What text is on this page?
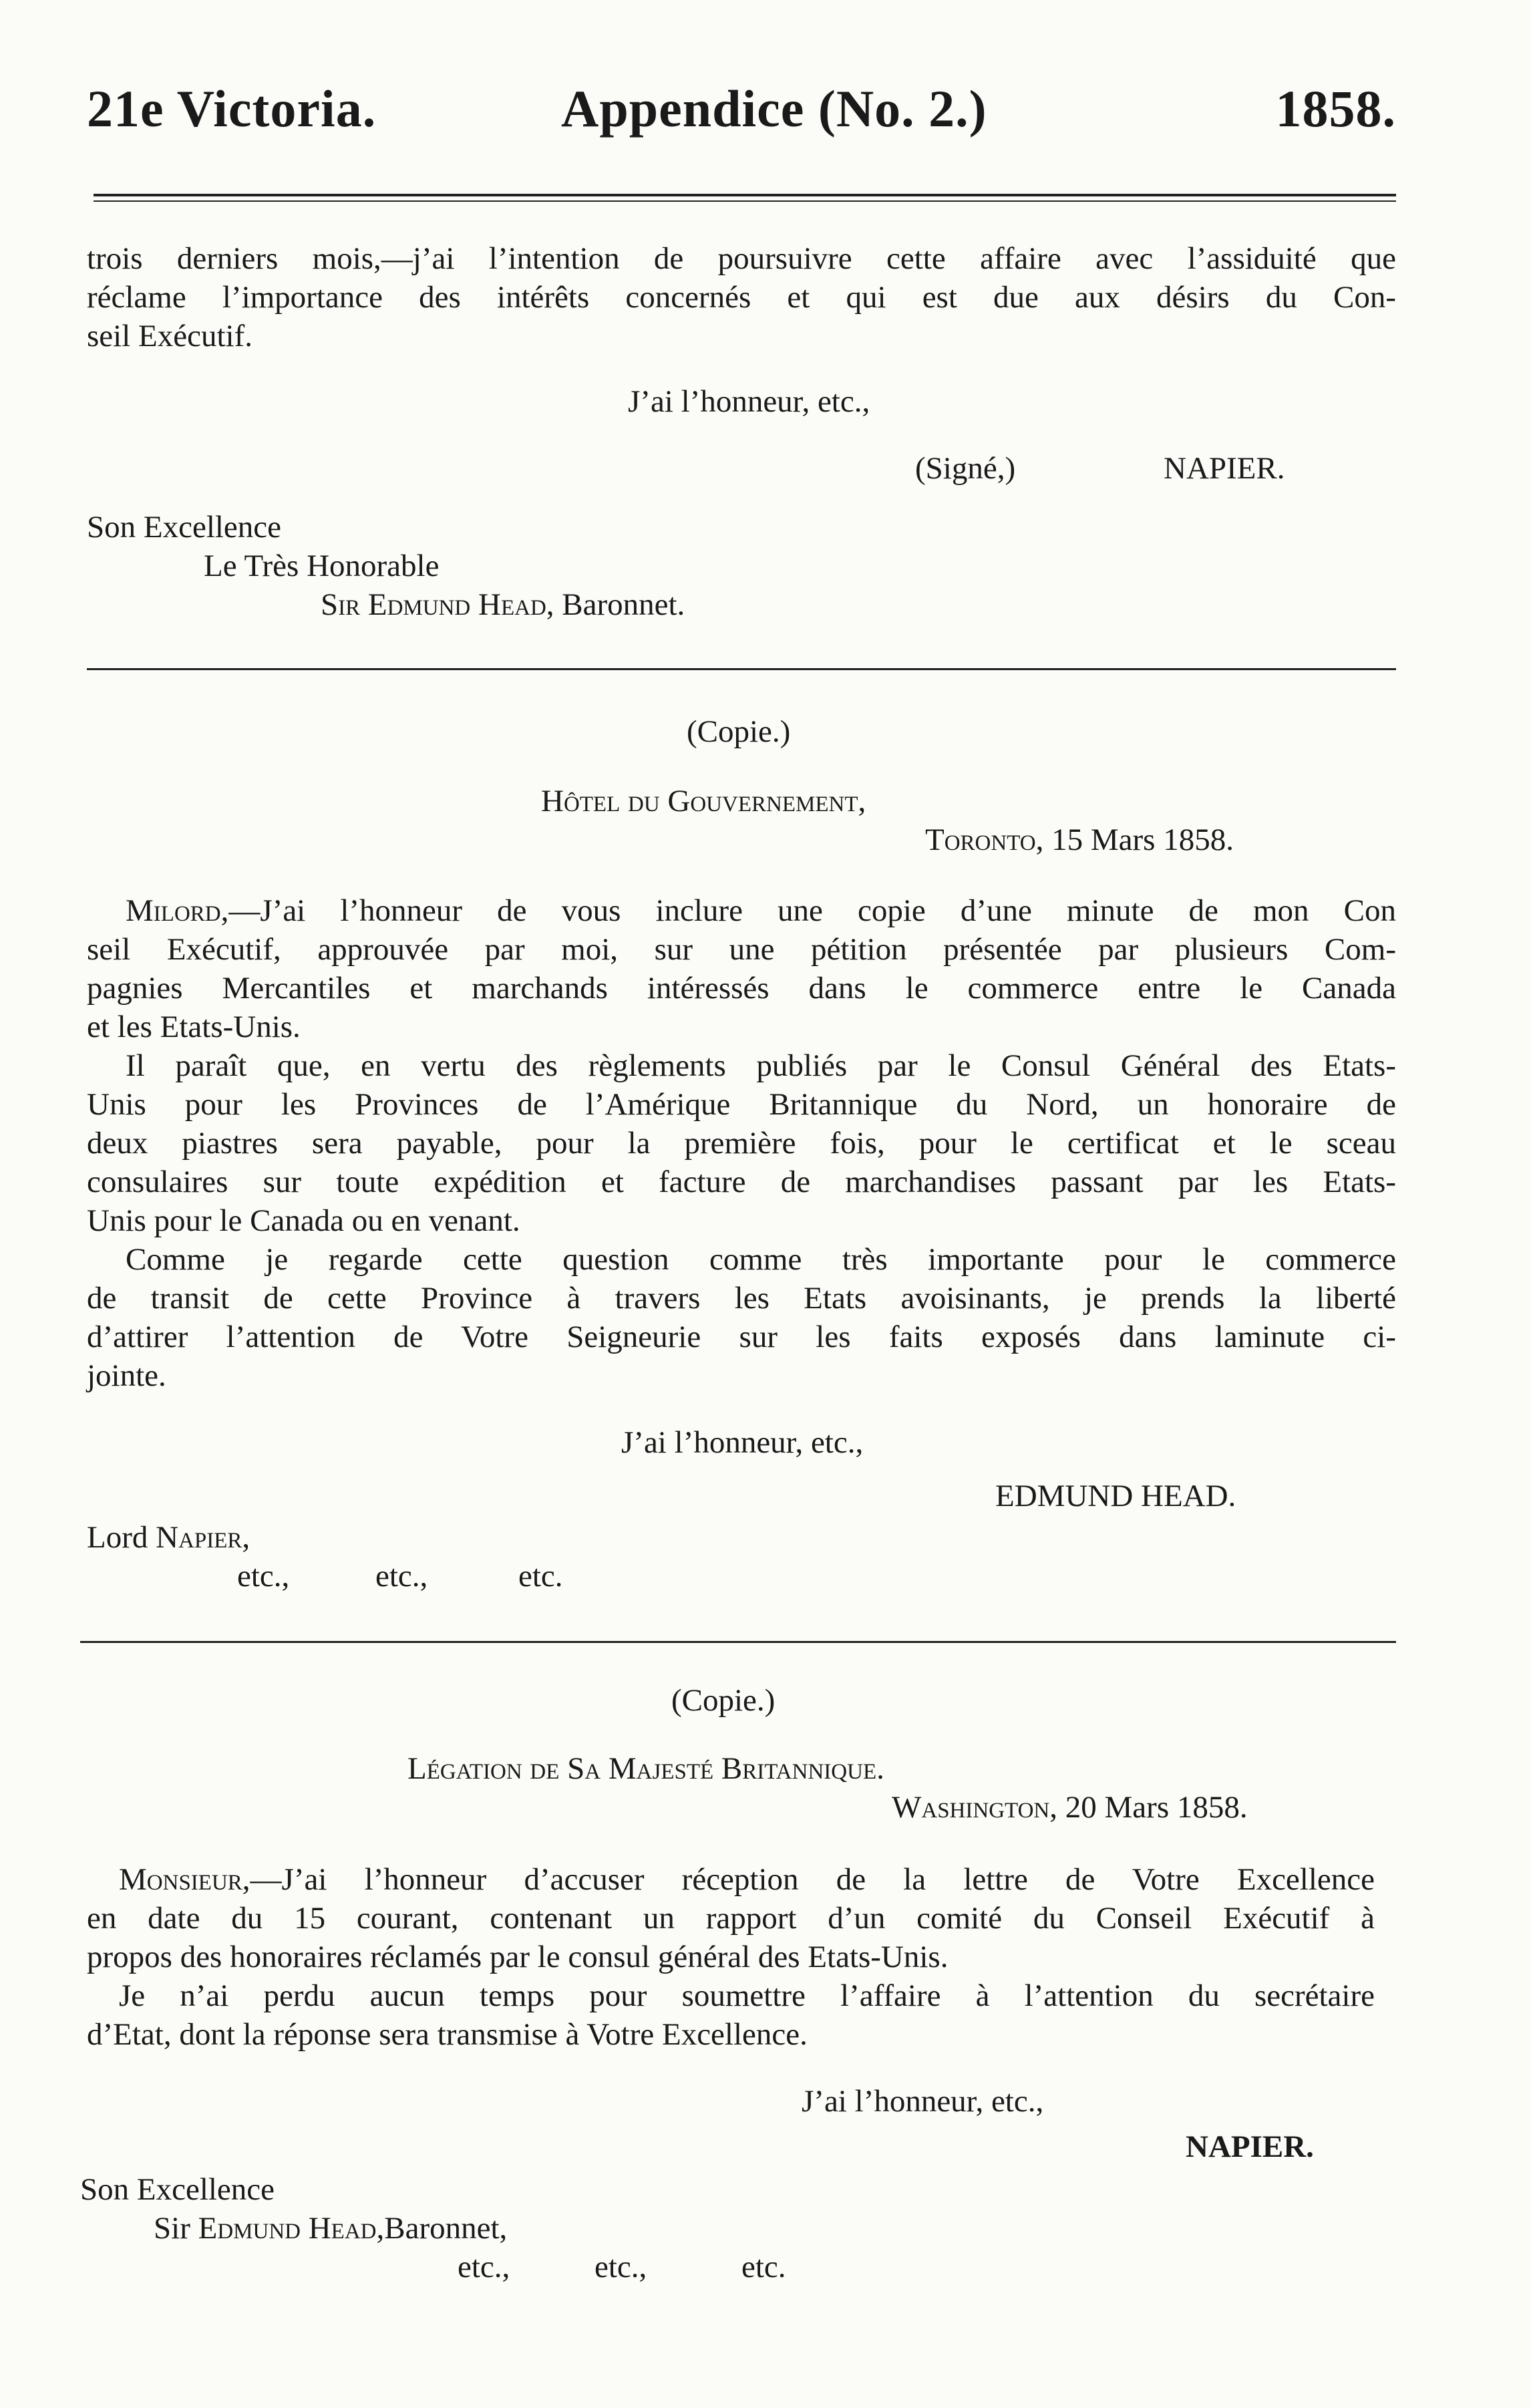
21e Victoria.	Appendice (No. 2.)	1858.
trois derniers mois,—j’ai l’intention de poursuivre cette affaire avec l’assiduité que
réclame l’importance des intérêts concernés et qui est due aux désirs du Con-
seil Exécutif.
J’ai l’honneur, etc.,
(Signé,)	NAPIER.
Son Excellence
Le Très Honorable
Sir Edmund Head, Baronnet.
(Copie.)
Hôtel du Gouvernement,
Toronto, 15 Mars 1858.
Milord,—J’ai l’honneur de vous inclure une copie d’une minute de mon Con
seil Exécutif, approuvée par moi, sur une pétition présentée par plusieurs Com-
pagnies Mercantiles et marchands intéressés dans le commerce entre le Canada
et les Etats-Unis.
Il paraît que, en vertu des règlements publiés par le Consul Général des Etats-
Unis pour les Provinces de l’Amérique Britannique du Nord, un honoraire de
deux piastres sera payable, pour la première fois, pour le certificat et le sceau
consulaires sur toute expédition et facture de marchandises passant par les Etats-
Unis pour le Canada ou en venant.
Comme je regarde cette question comme très importante pour le commerce
de transit de cette Province à travers les Etats avoisinants, je prends la liberté
d’attirer l’attention de Votre Seigneurie sur les faits exposés dans laminute ci-
jointe.
J’ai l’honneur, etc.,
EDMUND HEAD.
Lord Napier,
etc.,	etc.,	etc.
(Copie.)
Légation de Sa Majesté Britannique.
Washington, 20 Mars 1858.
Monsieur,—J’ai l’honneur d’accuser réception de la lettre de Votre Excellence
en date du 15 courant, contenant un rapport d’un comité du Conseil Exécutif à
propos des honoraires réclamés par le consul général des Etats-Unis.
Je n’ai perdu aucun temps pour soumettre l’affaire à l’attention du secrétaire
d’Etat, dont la réponse sera transmise à Votre Excellence.
J’ai l’honneur, etc.,
NAPIER.
Son Excellence
Sir Edmund Head,Baronnet,
etc.,	etc.,	etc.
